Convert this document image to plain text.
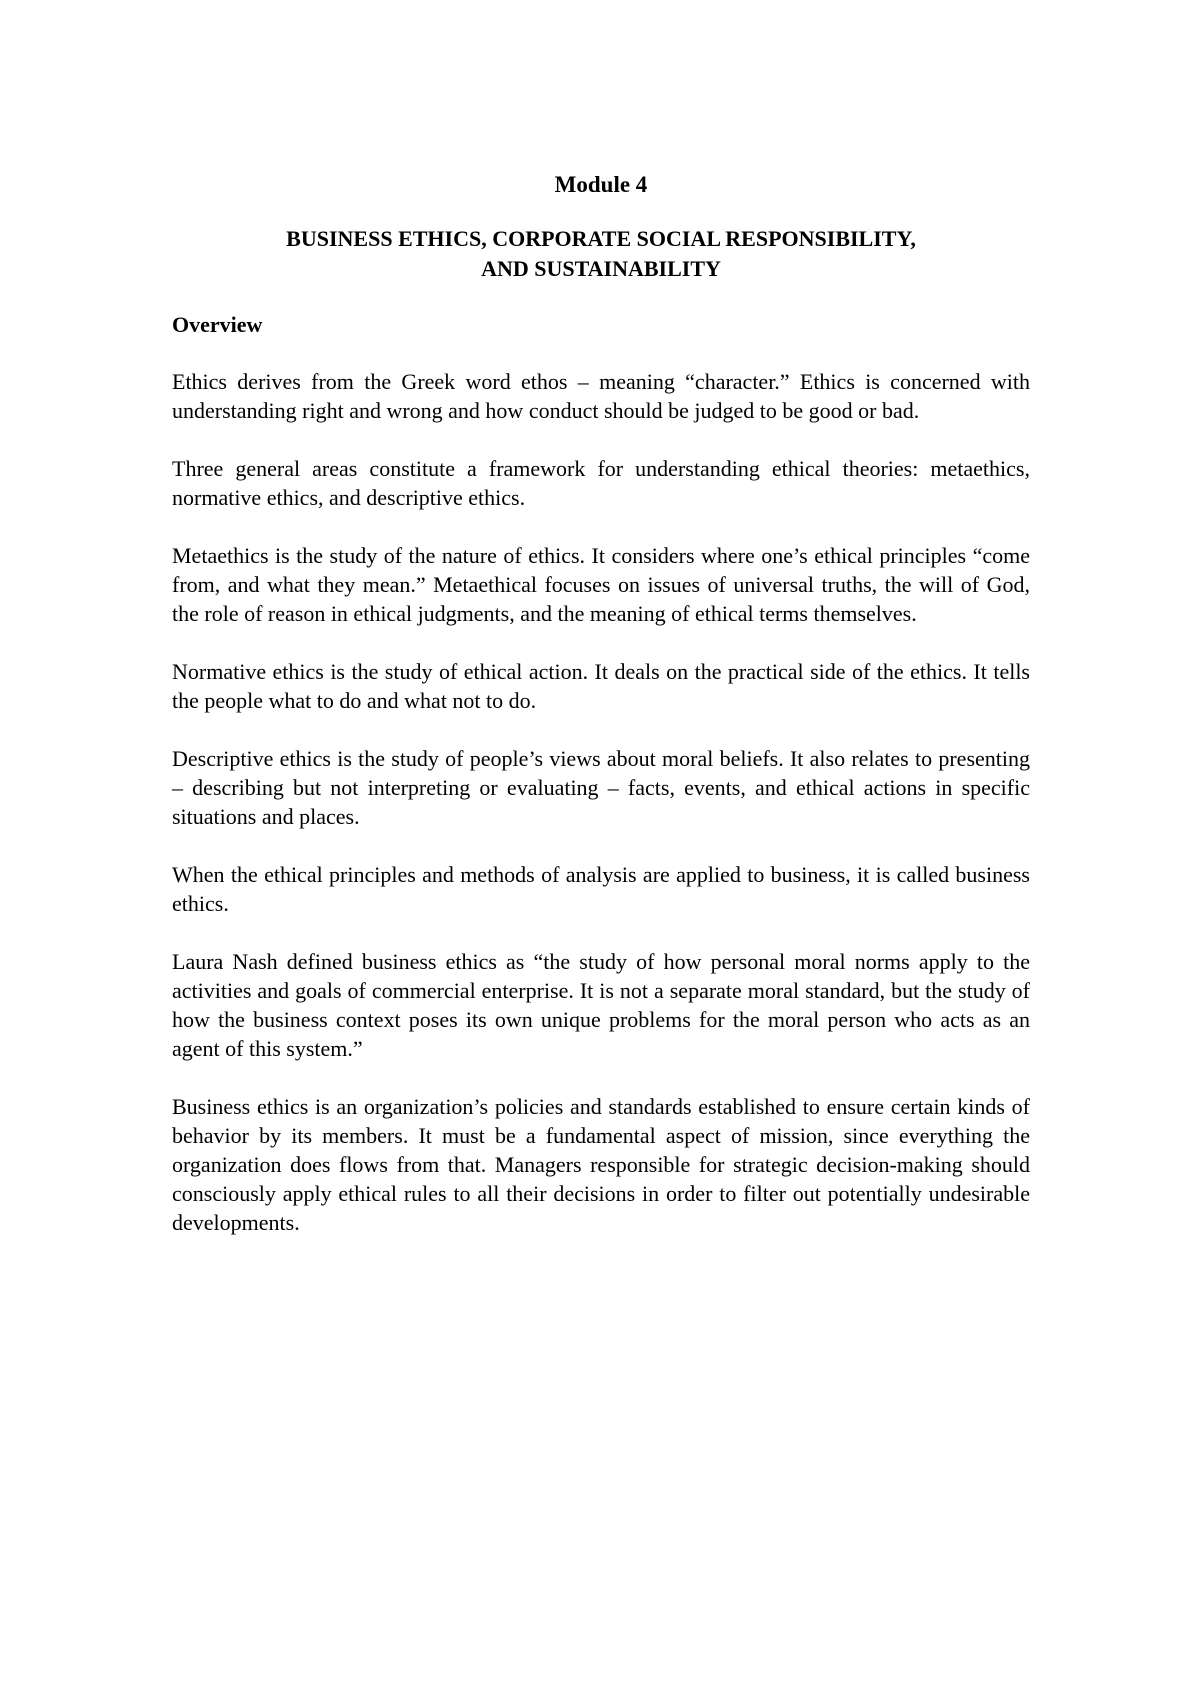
Module 4
BUSINESS ETHICS, CORPORATE SOCIAL RESPONSIBILITY,
AND SUSTAINABILITY
Overview

Ethics derives from the Greek word ethos – meaning “character.” Ethics is concerned with understanding right and wrong and how conduct should be judged to be good or bad.

Three general areas constitute a framework for understanding ethical theories: metaethics, normative ethics, and descriptive ethics.

Metaethics is the study of the nature of ethics. It considers where one’s ethical principles “come from, and what they mean.” Metaethical focuses on issues of universal truths, the will of God, the role of reason in ethical judgments, and the meaning of ethical terms themselves.

Normative ethics is the study of ethical action. It deals on the practical side of the ethics. It tells the people what to do and what not to do.

Descriptive ethics is the study of people’s views about moral beliefs. It also relates to presenting – describing but not interpreting or evaluating – facts, events, and ethical actions in specific situations and places.

When the ethical principles and methods of analysis are applied to business, it is called business ethics.

Laura Nash defined business ethics as “the study of how personal moral norms apply to the activities and goals of commercial enterprise. It is not a separate moral standard, but the study of how the business context poses its own unique problems for the moral person who acts as an agent of this system.”

Business ethics is an organization’s policies and standards established to ensure certain kinds of behavior by its members. It must be a fundamental aspect of mission, since everything the organization does flows from that. Managers responsible for strategic decision-making should consciously apply ethical rules to all their decisions in order to filter out potentially undesirable developments.
